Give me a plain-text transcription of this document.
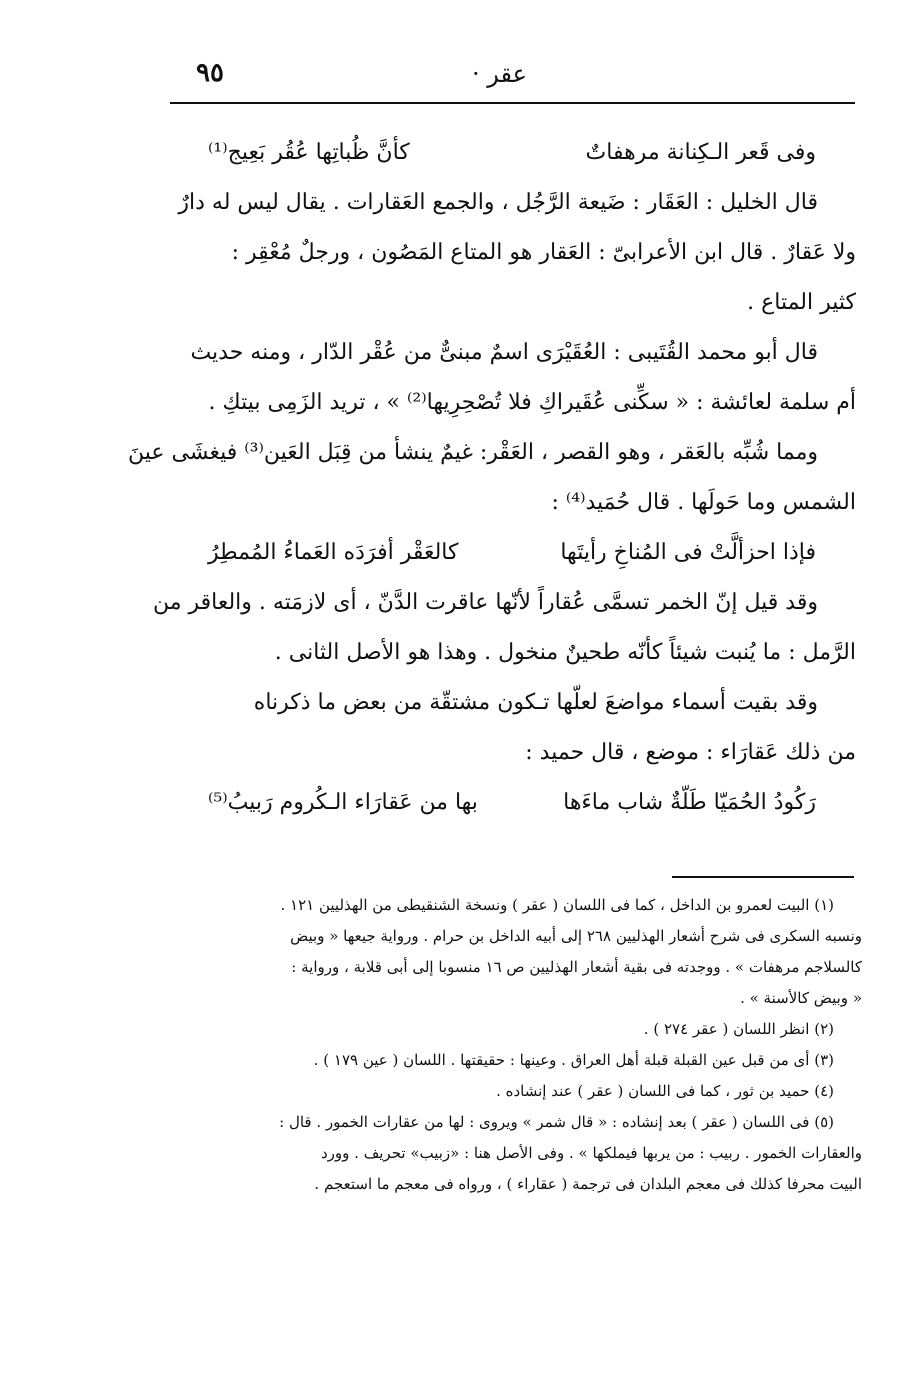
٩٥	عقر ·
وفى قَعر الـكِنانة مرهفاتٌ
كأنَّ ظُباتِها عُقُر بَعِيج⁽¹⁾
قال الخليل : العَقَار : ضَيعة الرَّجُل ، والجمع العَقارات . يقال ليس له دارٌ
ولا عَقارٌ . قال ابن الأعرابىّ : العَقار هو المتاع المَصُون ، ورجلٌ مُعْقِر :
كثير المتاع .
قال أبو محمد القُتَيبى : العُقَيْرَى اسمٌ مبنىٌّ من عُقْر الدّار ، ومنه حديث
أم سلمة لعائشة : « سكِّنى عُقَيراكِ فلا تُصْحِرِيها⁽²⁾ » ، تريد الزَمِى بيتكِ .
ومما شُبِّه بالعَقر ، وهو القصر ، العَقْر: غيمٌ ينشأ من قِبَل العَين⁽³⁾ فيغشَى عينَ
الشمس وما حَولَها . قال حُمَيد⁽⁴⁾ :
فإذا احزألَّتْ فى المُناخِ رأيتَها
كالعَقْر أفرَدَه العَماءُ المُمطِرُ
وقد قيل إنّ الخمر تسمَّى عُقاراً لأنّها عاقرت الدَّنّ ، أى لازمَته . والعاقر من
الرَّمل : ما يُنبت شيئاً كأنّه طحينٌ منخول . وهذا هو الأصل الثانى .
وقد بقيت أسماء مواضعَ لعلّها تـكون مشتقّة من بعض ما ذكرناه
من ذلك عَقارَاء : موضع ، قال حميد :
رَكُودُ الحُمَيّا طَلّةٌ شاب ماءَها
بها من عَقارَاء الـكُروم رَبيبُ⁽⁵⁾
(١) البيت لعمرو بن الداخل ، كما فى اللسان ( عقر ) ونسخة الشنقيطى من الهذليين ١٢١ .
ونسبه السكرى فى شرح أشعار الهذليين ٢٦٨ إلى أبيه الداخل بن حرام . ورواية جيعها « وبيض
كالسلاجم مرهفات » . ووجدته فى بقية أشعار الهذليين ص ١٦ منسوبا إلى أبى قلابة ، ورواية :
« وبيض كالأسنة » .
(٢) انظر اللسان ( عقر ٢٧٤ ) .
(٣) أى من قبل عين القبلة قبلة أهل العراق . وعينها : حقيقتها . اللسان ( عين ١٧٩ ) .
(٤) حميد بن ثور ، كما فى اللسان ( عقر ) عند إنشاده .
(٥) فى اللسان ( عقر ) بعد إنشاده : « قال شمر » ويروى : لها من عقارات الخمور . قال :
والعقارات الخمور . ربيب : من يربها فيملكها » . وفى الأصل هنا : «زبيب» تحريف . وورد
البيت محرفا كذلك فى معجم البلدان فى ترجمة ( عقاراء ) ، ورواه فى معجم ما استعجم .
